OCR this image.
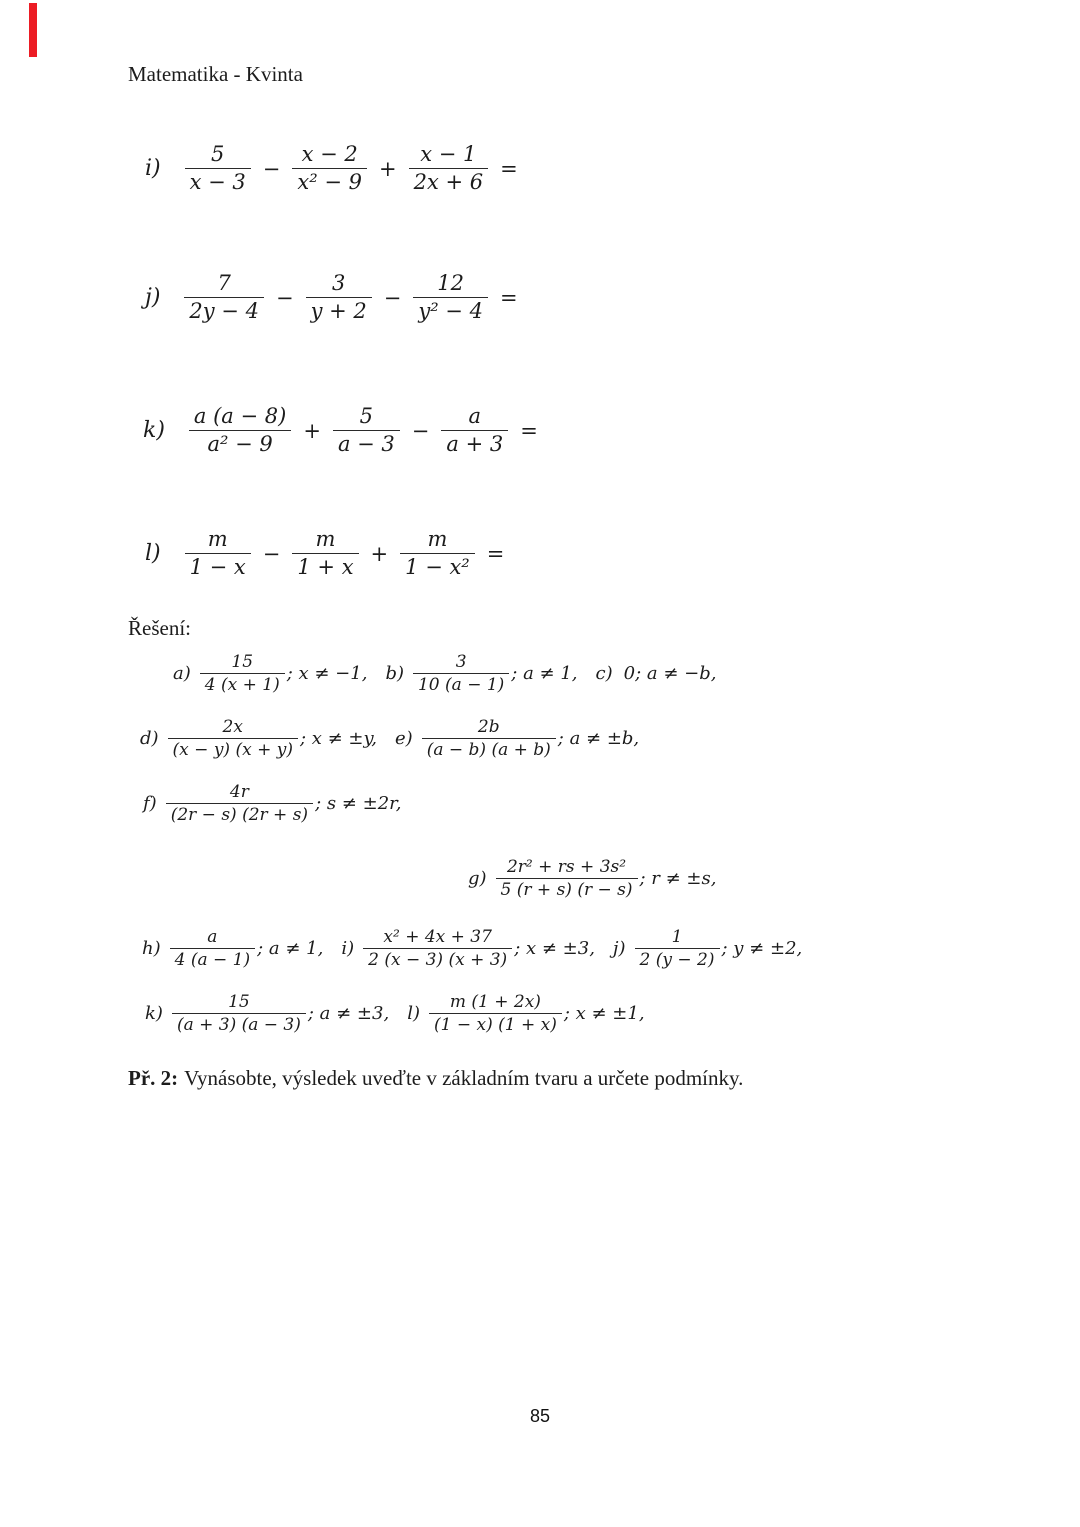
Matematika - Kvinta
$i) \frac{5}{x - 3} - \frac{x - 2}{\text{x² − 9}} + \frac{x - 1}{2x + 6}$ =
$j) \frac{7}{2y - 4} - \frac{3}{y + 2} - \frac{12}{\text{y² − 4}}$ =
$k) \frac{a (a - 8)}{\text{a² − 9}} + \frac{5}{a - 3} - \frac{a}{a + 3}$ =
$l) \frac{m}{1 - x} - \frac{m}{1 + x} + \frac{m}{\text{1 − x²}}$ =
Řešení:
$a) \frac{15}{4 (x + 1)}$ ; x ≠ −1, $b) \frac{3}{10 (a - 1)}$ ; a ≠ 1, c) 0; a ≠ −b,
$d) \frac{2x}{(x - y) (x + y)}$ ; x ≠ ±y, $e) \frac{2b}{(a - b) (a + b)}$ ; a ≠ ±b,
$f) \frac{4r}{(2r - s) (2r + s)}$ ; s ≠ ±2r,
$g) \frac{\text{2r² + rs + 3s²}}{5 (r + s) (r - s)}$ ; r ≠ ±s,
$h) \frac{a}{4 (a - 1)}$ ; a ≠ 1, $i) \frac{\text{x² + 4x + 37}}{2 (x - 3) (x + 3)}$ ; x ≠ ±3, $j) \frac{1}{2 (y - 2)}$ ; y ≠ ±2,
$k) \frac{15}{(a + 3) (a - 3)}$ ; a ≠ ±3, $l) \frac{m (1 + 2x)}{(1 - x) (1 + x)}$ ; x ≠ ±1,
Př. 2: Vynásobte, výsledek uveďte v základním tvaru a určete podmínky.
85
